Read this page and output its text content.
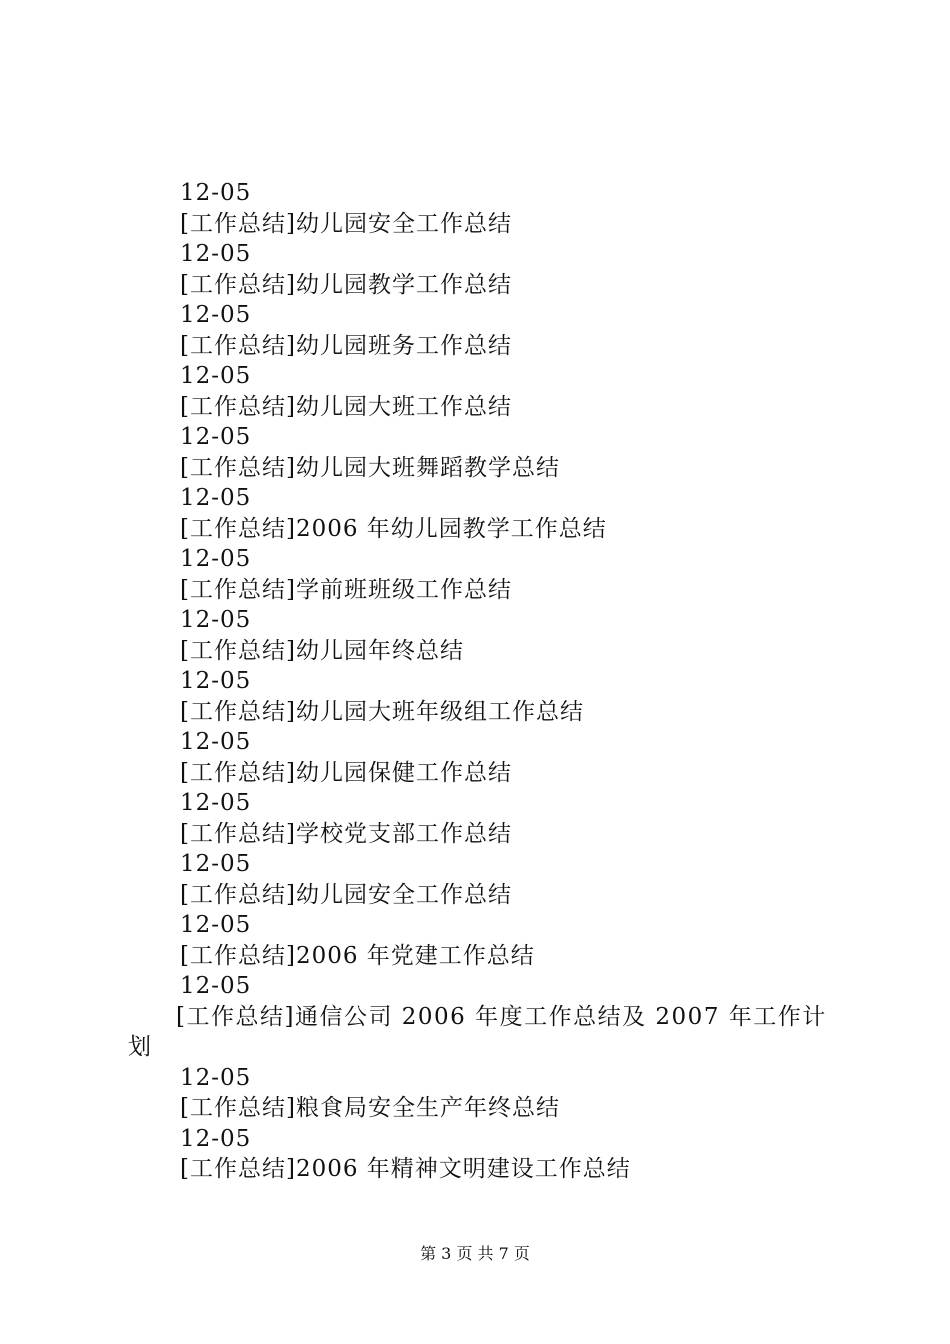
12-05
[工作总结]幼儿园安全工作总结
12-05
[工作总结]幼儿园教学工作总结
12-05
[工作总结]幼儿园班务工作总结
12-05
[工作总结]幼儿园大班工作总结
12-05
[工作总结]幼儿园大班舞蹈教学总结
12-05
[工作总结]2006 年幼儿园教学工作总结
12-05
[工作总结]学前班班级工作总结
12-05
[工作总结]幼儿园年终总结
12-05
[工作总结]幼儿园大班年级组工作总结
12-05
[工作总结]幼儿园保健工作总结
12-05
[工作总结]学校党支部工作总结
12-05
[工作总结]幼儿园安全工作总结
12-05
[工作总结]2006 年党建工作总结
12-05
[工作总结]通信公司 2006 年度工作总结及 2007 年工作计
划
12-05
[工作总结]粮食局安全生产年终总结
12-05
[工作总结]2006 年精神文明建设工作总结
第 3 页 共 7 页
